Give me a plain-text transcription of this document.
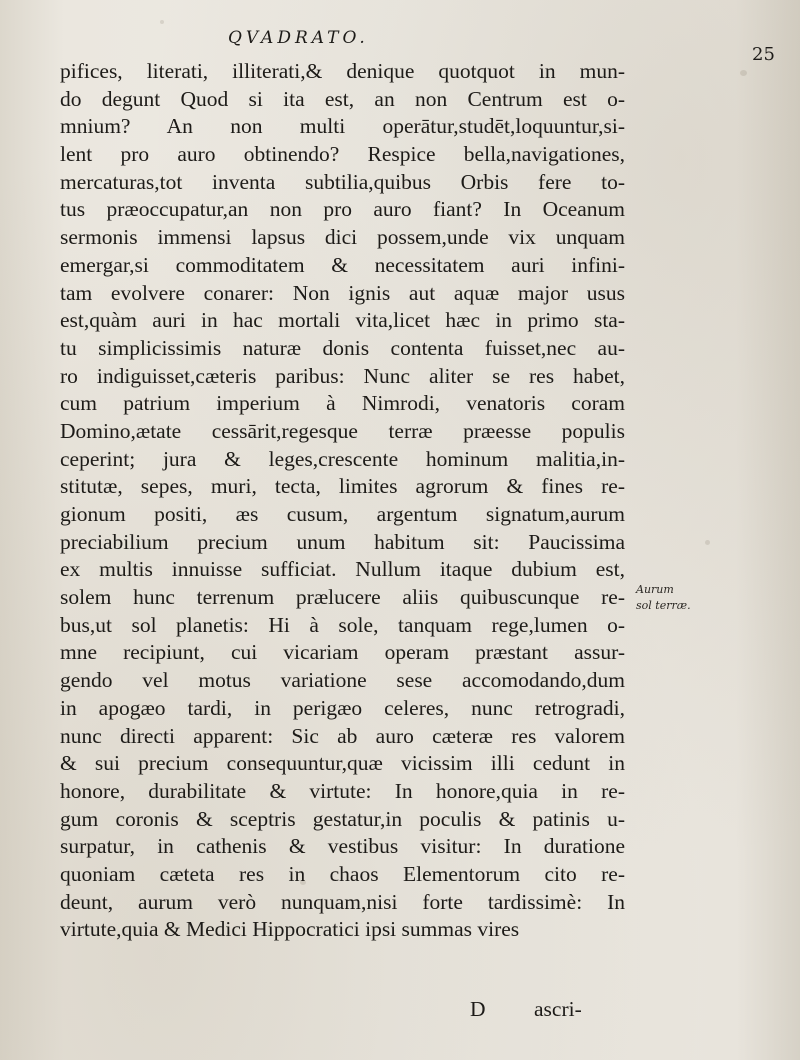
QVADRATO.
25
pifices, literati, illiterati,& denique quotquot in mun-
do degunt Quod si ita est, an non Centrum est o-
mnium? An non multi operātur,studēt,loquuntur,si-
lent pro auro obtinendo? Respice bella,navigationes,
mercaturas,tot inventa subtilia,quibus Orbis fere to-
tus præoccupatur,an non pro auro fiant? In Oceanum
sermonis immensi lapsus dici possem,unde vix unquam
emergar,si commoditatem & necessitatem auri infini-
tam evolvere conarer: Non ignis aut aquæ major usus
est,quàm auri in hac mortali vita,licet hæc in primo sta-
tu simplicissimis naturæ donis contenta fuisset,nec au-
ro indiguisset,cæteris paribus: Nunc aliter se res habet,
cum patrium imperium à Nimrodi, venatoris coram
Domino,ætate cessārit,regesque terræ præesse populis
ceperint; jura & leges,crescente hominum malitia,in-
stitutæ, sepes, muri, tecta, limites agrorum & fines re-
gionum positi, æs cusum, argentum signatum,aurum
preciabilium precium unum habitum sit: Paucissima
ex multis innuisse sufficiat. Nullum itaque dubium est,
solem hunc terrenum prælucere aliis quibuscunque re-
bus,ut sol planetis: Hi à sole, tanquam rege,lumen o-
mne recipiunt, cui vicariam operam præstant assur-
gendo vel motus variatione sese accomodando,dum
in apogæo tardi, in perigæo celeres, nunc retrogradi,
nunc directi apparent: Sic ab auro cæteræ res valorem
& sui precium consequuntur,quæ vicissim illi cedunt in
honore, durabilitate & virtute: In honore,quia in re-
gum coronis & sceptris gestatur,in poculis & patinis u-
surpatur, in cathenis & vestibus visitur: In duratione
quoniam cæteta res in chaos Elementorum cito re-
deunt, aurum verò nunquam,nisi forte tardissimè: In
virtute,quia & Medici Hippocratici ipsi summas vires
Aurum
sol terræ.
D ascri-
